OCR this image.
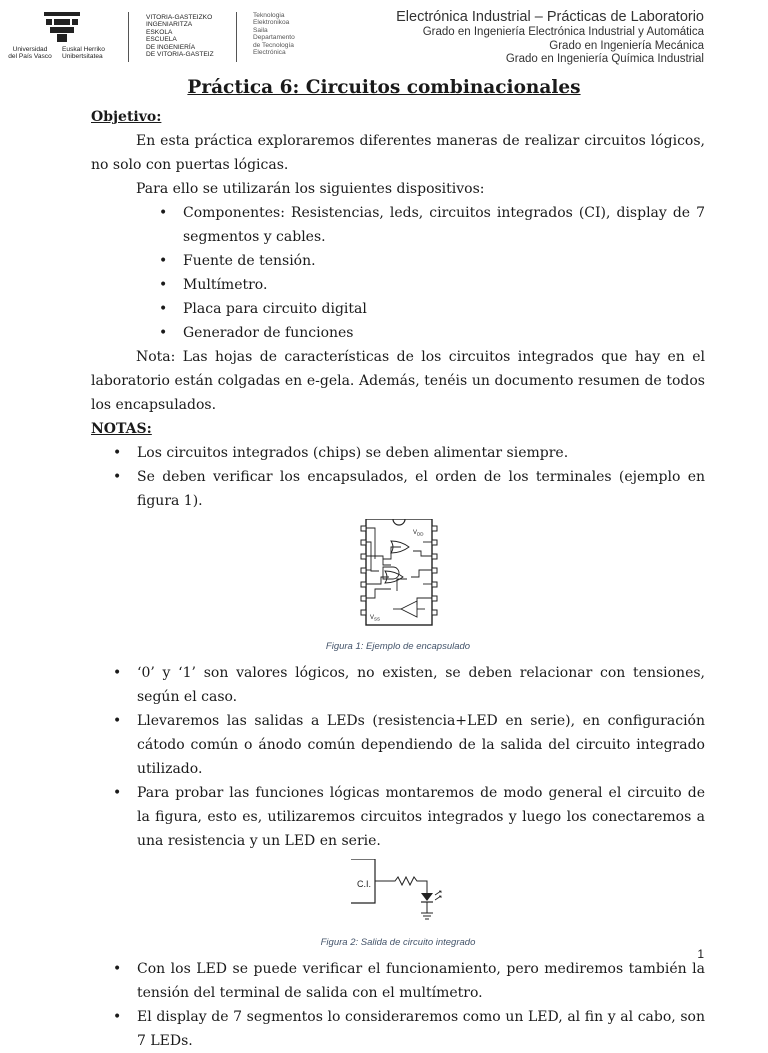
Universidad
del País Vasco
Euskal Herriko
Unibertsitatea
VITORIA-GASTEIZKO
INGENIARITZA
ESKOLA
ESCUELA
DE INGENIERÍA
DE VITORIA-GASTEIZ
Teknologia
Elektronikoa
Saila
Departamento
de Tecnología
Electrónica
Electrónica Industrial – Prácticas de Laboratorio
Grado en Ingeniería Electrónica Industrial y Automática
Grado en Ingeniería Mecánica
Grado en Ingeniería Química Industrial
Práctica 6: Circuitos combinacionales
Objetivo:

En esta práctica exploraremos diferentes maneras de realizar circuitos lógicos, no solo con puertas lógicas.

Para ello se utilizarán los siguientes dispositivos:

• Componentes: Resistencias, leds, circuitos integrados (CI), display de 7 segmentos y cables.
• Fuente de tensión.
• Multímetro.
• Placa para circuito digital
• Generador de funciones

Nota: Las hojas de características de los circuitos integrados que hay en el laboratorio están colgadas en e-gela. Además, tenéis un documento resumen de todos los encapsulados.

NOTAS:
• Los circuitos integrados (chips) se deben alimentar siempre.
• Se deben verificar los encapsulados, el orden de los terminales (ejemplo en figura 1).
$V_{DD}$
$V_{SS}$
Figura 1: Ejemplo de encapsulado
• ‘0’ y ‘1’ son valores lógicos, no existen, se deben relacionar con tensiones, según el caso.
• Llevaremos las salidas a LEDs (resistencia+LED en serie), en configuración cátodo común o ánodo común dependiendo de la salida del circuito integrado utilizado.
• Para probar las funciones lógicas montaremos de modo general el circuito de la figura, esto es, utilizaremos circuitos integrados y luego los conectaremos a una resistencia y un LED en serie.
C.I.
Figura 2: Salida de circuito integrado
• Con los LED se puede verificar el funcionamiento, pero mediremos también la tensión del terminal de salida con el multímetro.
• El display de 7 segmentos lo consideraremos como un LED, al fin y al cabo, son 7 LEDs.
1
